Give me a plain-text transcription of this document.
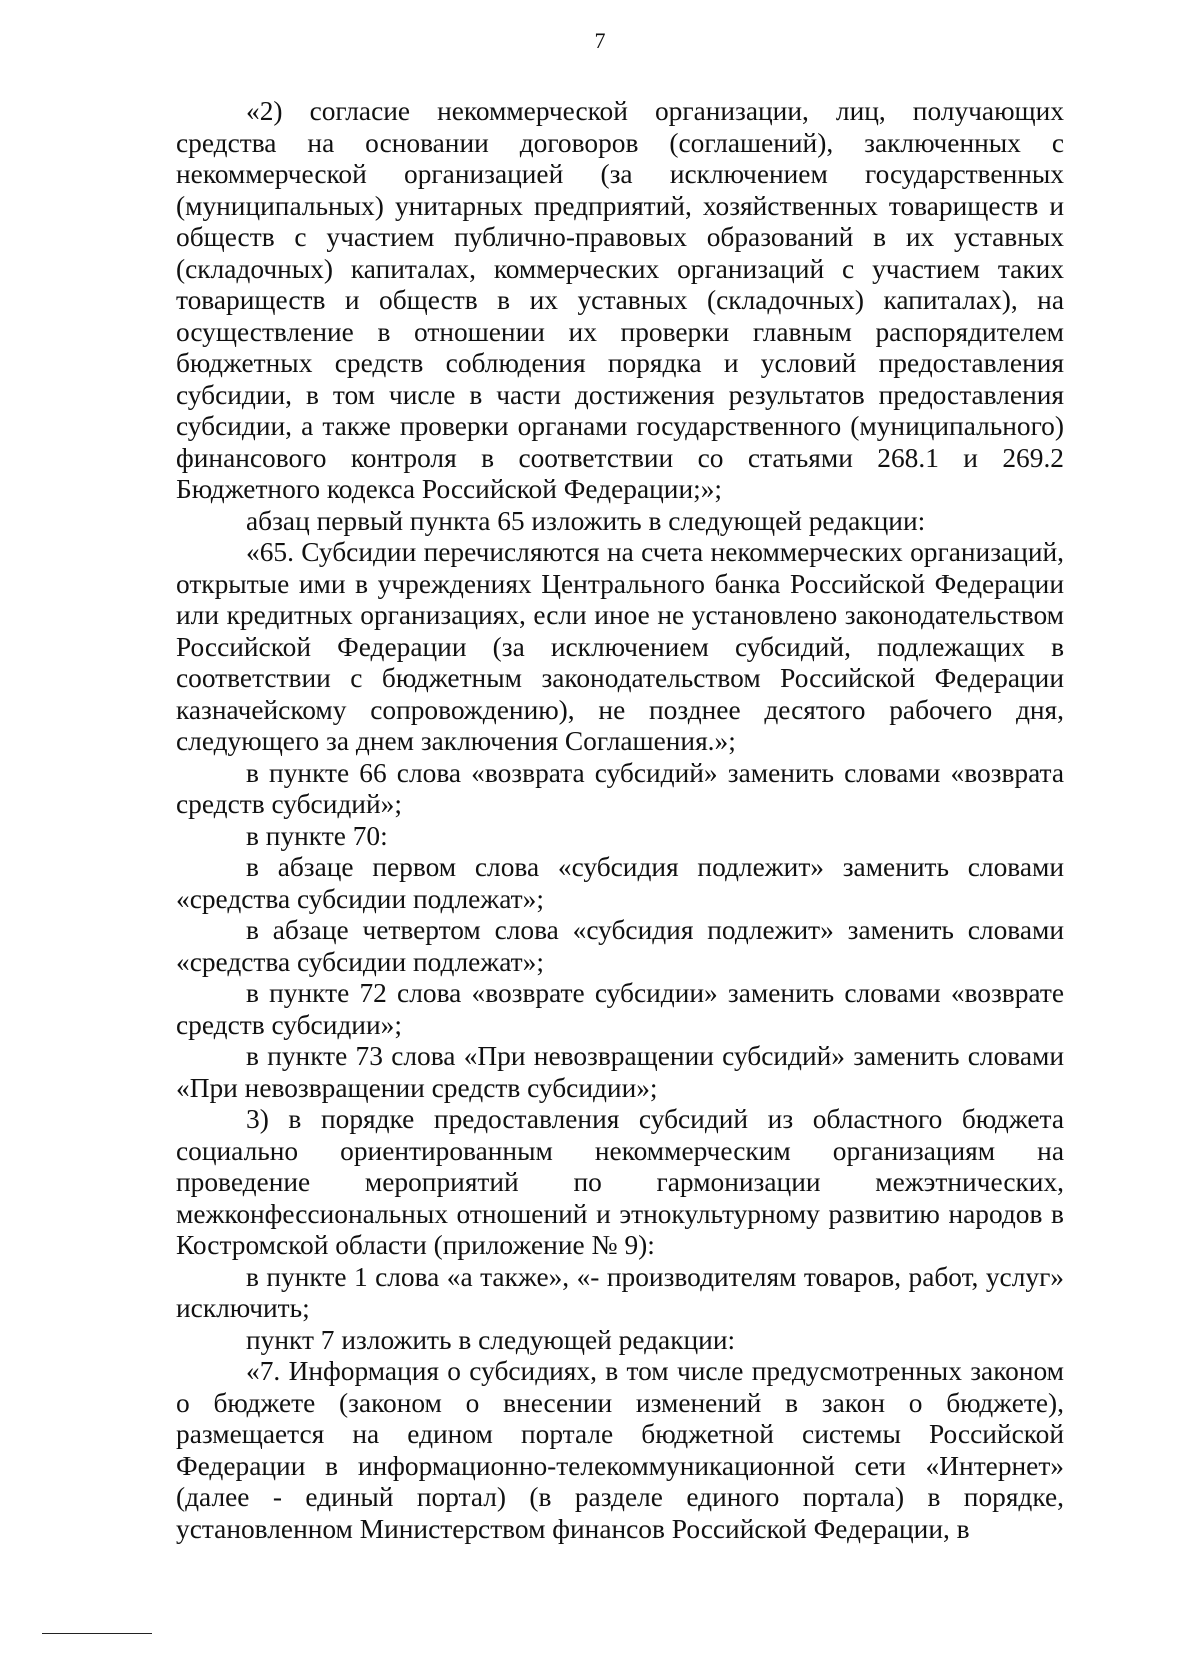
7

«2) согласие некоммерческой организации, лиц, получающих средства на основании договоров (соглашений), заключенных с некоммерческой организацией (за исключением государственных (муниципальных) унитарных предприятий, хозяйственных товариществ и обществ с участием публично-правовых образований в их уставных (складочных) капиталах, коммерческих организаций с участием таких товариществ и обществ в их уставных (складочных) капиталах), на осуществление в отношении их проверки главным распорядителем бюджетных средств соблюдения порядка и условий предоставления субсидии, в том числе в части достижения результатов предоставления субсидии, а также проверки органами государственного (муниципального) финансового контроля в соответствии со статьями 268.1 и 269.2 Бюджетного кодекса Российской Федерации;»;

абзац первый пункта 65 изложить в следующей редакции:

«65. Субсидии перечисляются на счета некоммерческих организаций, открытые ими в учреждениях Центрального банка Российской Федерации или кредитных организациях, если иное не установлено законодательством Российской Федерации (за исключением субсидий, подлежащих в соответствии с бюджетным законодательством Российской Федерации казначейскому сопровождению), не позднее десятого рабочего дня, следующего за днем заключения Соглашения.»;

в пункте 66 слова «возврата субсидий» заменить словами «возврата средств субсидий»;

в пункте 70:

в абзаце первом слова «субсидия подлежит» заменить словами «средства субсидии подлежат»;

в абзаце четвертом слова «субсидия подлежит» заменить словами «средства субсидии подлежат»;

в пункте 72 слова «возврате субсидии» заменить словами «возврате средств субсидии»;

в пункте 73 слова «При невозвращении субсидий» заменить словами «При невозвращении средств субсидии»;

3) в порядке предоставления субсидий из областного бюджета социально ориентированным некоммерческим организациям на проведение мероприятий по гармонизации межэтнических, межконфессиональных отношений и этнокультурному развитию народов в Костромской области (приложение № 9):

в пункте 1 слова «а также», «- производителям товаров, работ, услуг» исключить;

пункт 7 изложить в следующей редакции:

«7. Информация о субсидиях, в том числе предусмотренных законом о бюджете (законом о внесении изменений в закон о бюджете), размещается на едином портале бюджетной системы Российской Федерации в информационно-телекоммуникационной сети «Интернет» (далее - единый портал) (в разделе единого портала) в порядке, установленном Министерством финансов Российской Федерации, в
